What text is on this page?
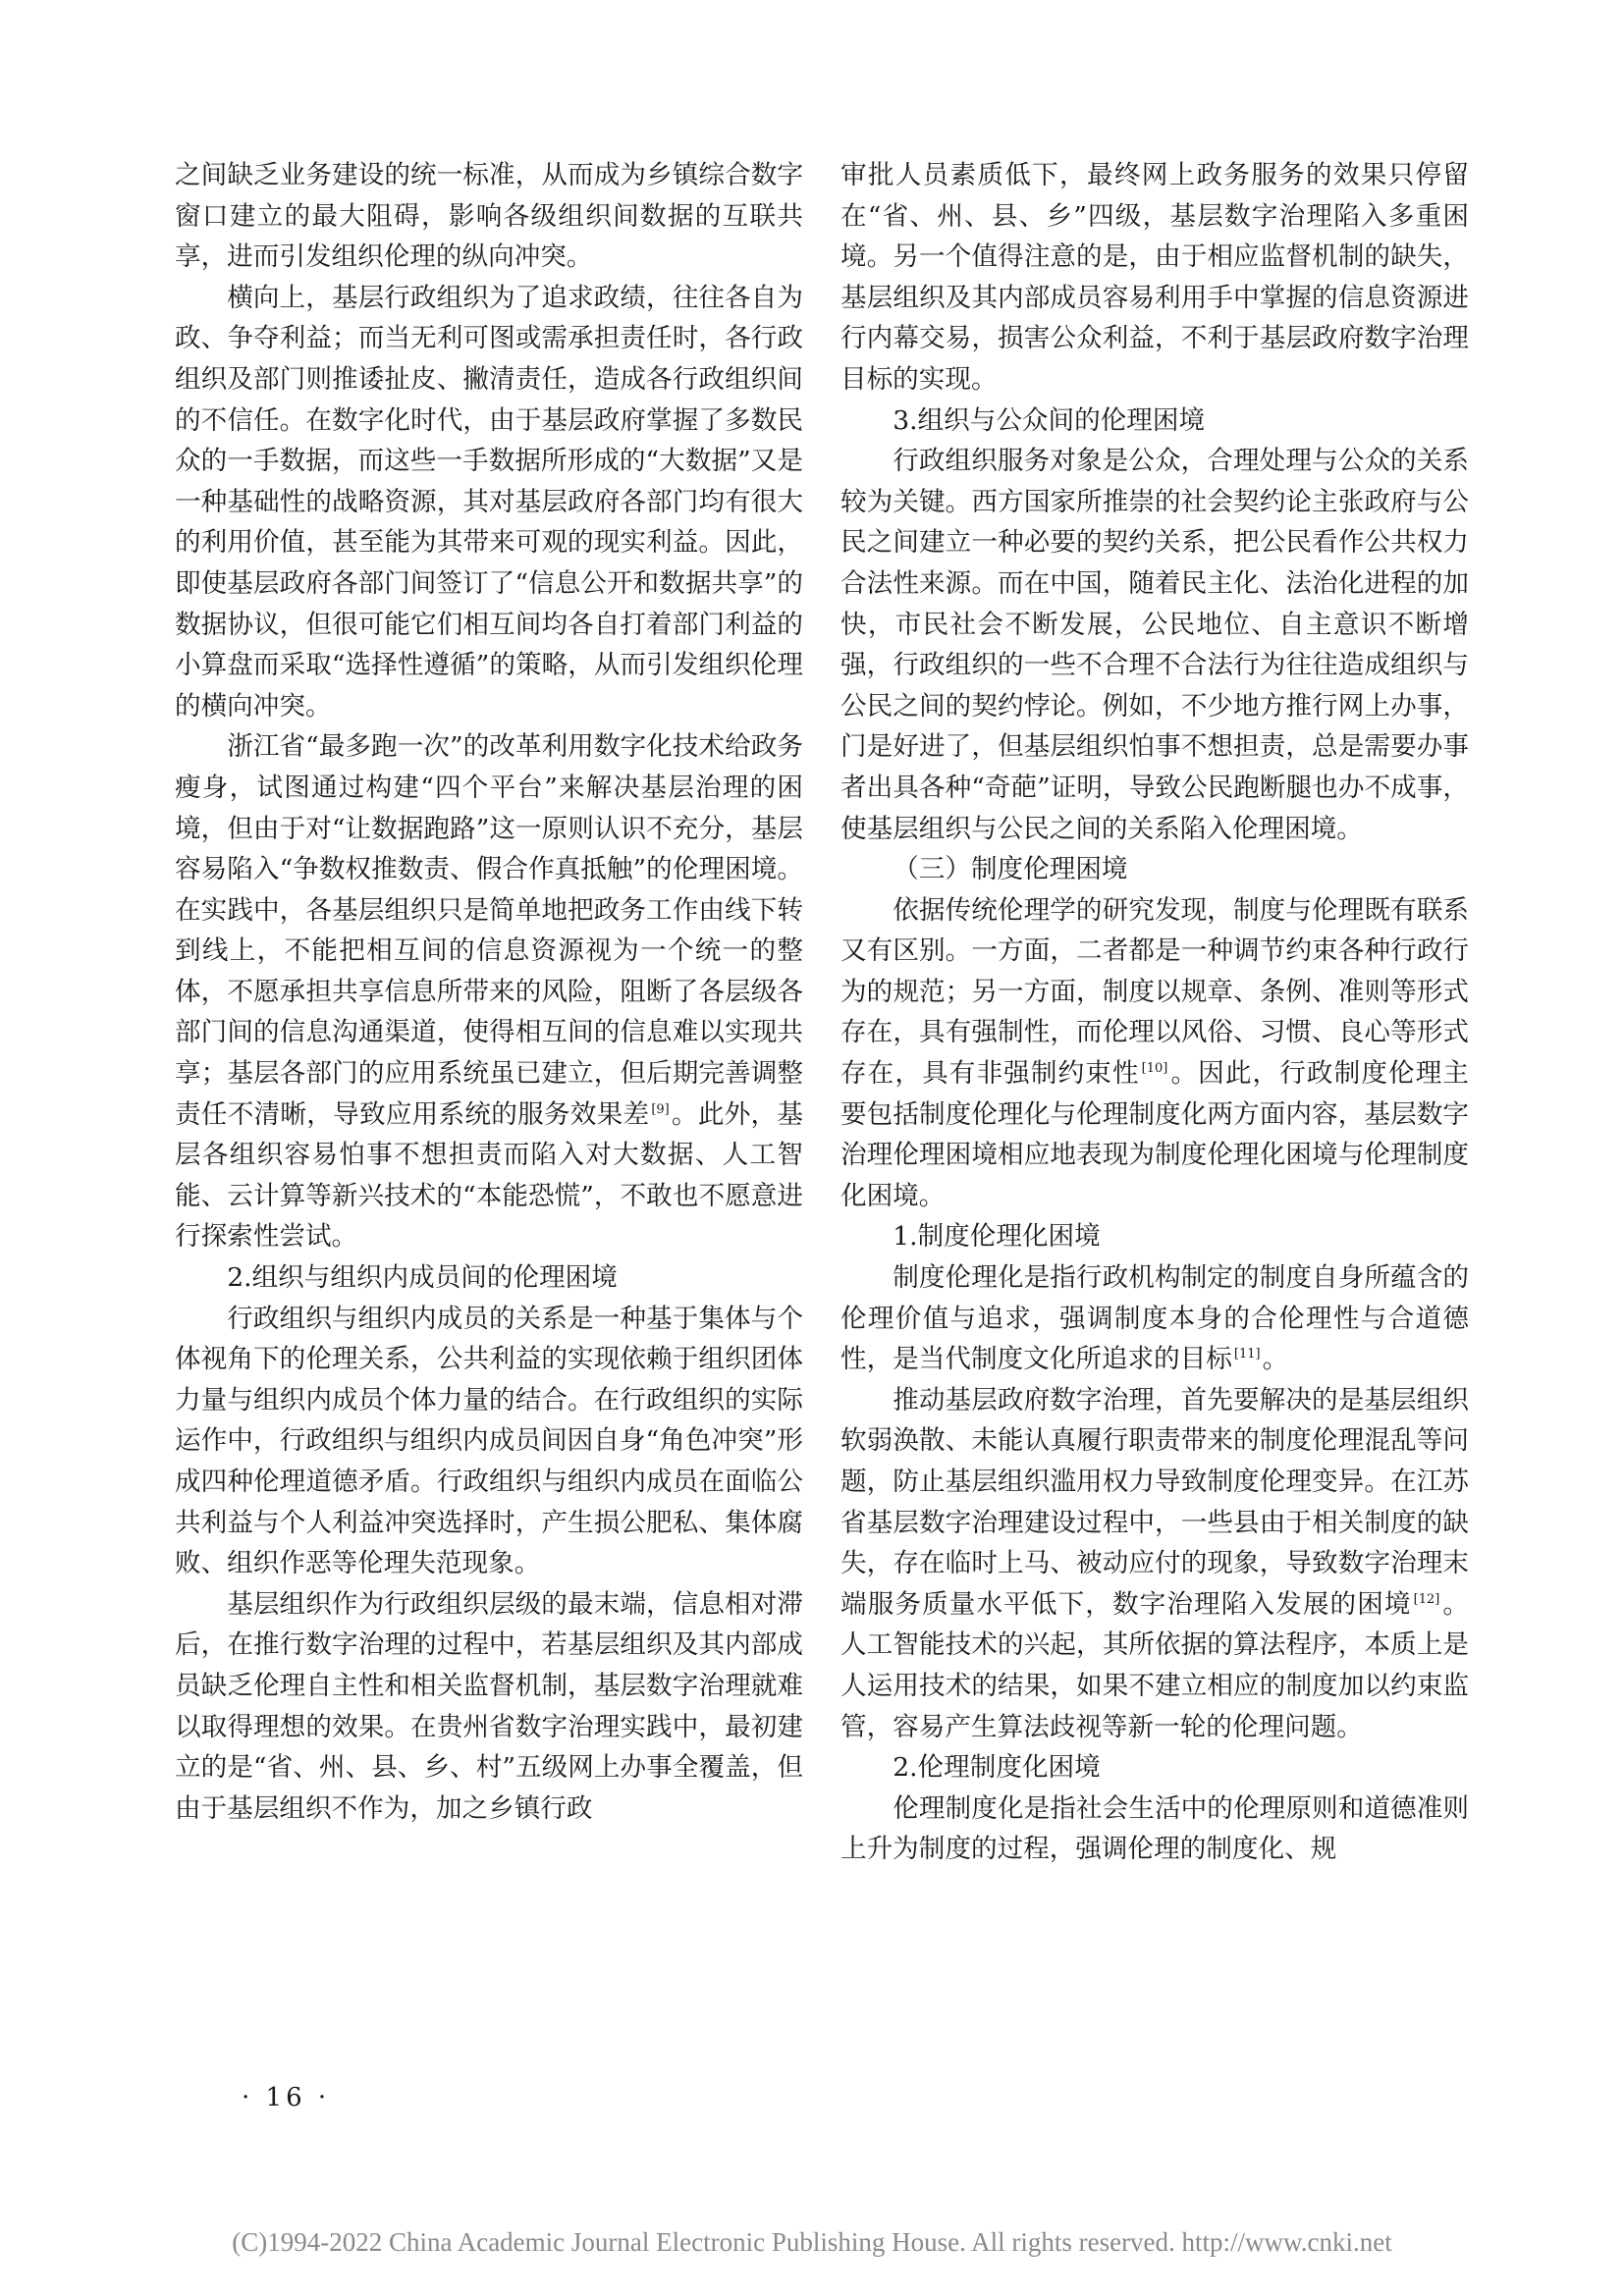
之间缺乏业务建设的统一标准，从而成为乡镇综合数字窗口建立的最大阻碍，影响各级组织间数据的互联共享，进而引发组织伦理的纵向冲突。

横向上，基层行政组织为了追求政绩，往往各自为政、争夺利益；而当无利可图或需承担责任时，各行政组织及部门则推诿扯皮、撇清责任，造成各行政组织间的不信任。在数字化时代，由于基层政府掌握了多数民众的一手数据，而这些一手数据所形成的“大数据”又是一种基础性的战略资源，其对基层政府各部门均有很大的利用价值，甚至能为其带来可观的现实利益。因此，即使基层政府各部门间签订了“信息公开和数据共享”的数据协议，但很可能它们相互间均各自打着部门利益的小算盘而采取“选择性遵循”的策略，从而引发组织伦理的横向冲突。

浙江省“最多跑一次”的改革利用数字化技术给政务瘦身，试图通过构建“四个平台”来解决基层治理的困境，但由于对“让数据跑路”这一原则认识不充分，基层容易陷入“争数权推数责、假合作真抵触”的伦理困境。在实践中，各基层组织只是简单地把政务工作由线下转到线上，不能把相互间的信息资源视为一个统一的整体，不愿承担共享信息所带来的风险，阻断了各层级各部门间的信息沟通渠道，使得相互间的信息难以实现共享；基层各部门的应用系统虽已建立，但后期完善调整责任不清晰，导致应用系统的服务效果差 [9]。此外，基层各组织容易怕事不想担责而陷入对大数据、人工智能、云计算等新兴技术的“本能恐慌”，不敢也不愿意进行探索性尝试。

2.组织与组织内成员间的伦理困境

行政组织与组织内成员的关系是一种基于集体与个体视角下的伦理关系，公共利益的实现依赖于组织团体力量与组织内成员个体力量的结合。在行政组织的实际运作中，行政组织与组织内成员间因自身“角色冲突”形成四种伦理道德矛盾。行政组织与组织内成员在面临公共利益与个人利益冲突选择时，产生损公肥私、集体腐败、组织作恶等伦理失范现象。

基层组织作为行政组织层级的最末端，信息相对滞后，在推行数字治理的过程中，若基层组织及其内部成员缺乏伦理自主性和相关监督机制，基层数字治理就难以取得理想的效果。在贵州省数字治理实践中，最初建立的是“省、州、县、乡、村”五级网上办事全覆盖，但由于基层组织不作为，加之乡镇行政

审批人员素质低下，最终网上政务服务的效果只停留在“省、州、县、乡”四级，基层数字治理陷入多重困境。另一个值得注意的是，由于相应监督机制的缺失，基层组织及其内部成员容易利用手中掌握的信息资源进行内幕交易，损害公众利益，不利于基层政府数字治理目标的实现。

3.组织与公众间的伦理困境

行政组织服务对象是公众，合理处理与公众的关系较为关键。西方国家所推崇的社会契约论主张政府与公民之间建立一种必要的契约关系，把公民看作公共权力合法性来源。而在中国，随着民主化、法治化进程的加快，市民社会不断发展，公民地位、自主意识不断增强，行政组织的一些不合理不合法行为往往造成组织与公民之间的契约悖论。例如，不少地方推行网上办事，门是好进了，但基层组织怕事不想担责，总是需要办事者出具各种“奇葩”证明，导致公民跑断腿也办不成事，使基层组织与公民之间的关系陷入伦理困境。

（三）制度伦理困境

依据传统伦理学的研究发现，制度与伦理既有联系又有区别。一方面，二者都是一种调节约束各种行政行为的规范；另一方面，制度以规章、条例、准则等形式存在，具有强制性，而伦理以风俗、习惯、良心等形式存在，具有非强制约束性 [10]。因此，行政制度伦理主要包括制度伦理化与伦理制度化两方面内容，基层数字治理伦理困境相应地表现为制度伦理化困境与伦理制度化困境。

1.制度伦理化困境

制度伦理化是指行政机构制定的制度自身所蕴含的伦理价值与追求，强调制度本身的合伦理性与合道德性，是当代制度文化所追求的目标 [11]。

推动基层政府数字治理，首先要解决的是基层组织软弱涣散、未能认真履行职责带来的制度伦理混乱等问题，防止基层组织滥用权力导致制度伦理变异。在江苏省基层数字治理建设过程中，一些县由于相关制度的缺失，存在临时上马、被动应付的现象，导致数字治理末端服务质量水平低下，数字治理陷入发展的困境 [12]。人工智能技术的兴起，其所依据的算法程序，本质上是人运用技术的结果，如果不建立相应的制度加以约束监管，容易产生算法歧视等新一轮的伦理问题。

2.伦理制度化困境

伦理制度化是指社会生活中的伦理原则和道德准则上升为制度的过程，强调伦理的制度化、规

· 16 ·
(C)1994-2022 China Academic Journal Electronic Publishing House. All rights reserved. http://www.cnki.net
